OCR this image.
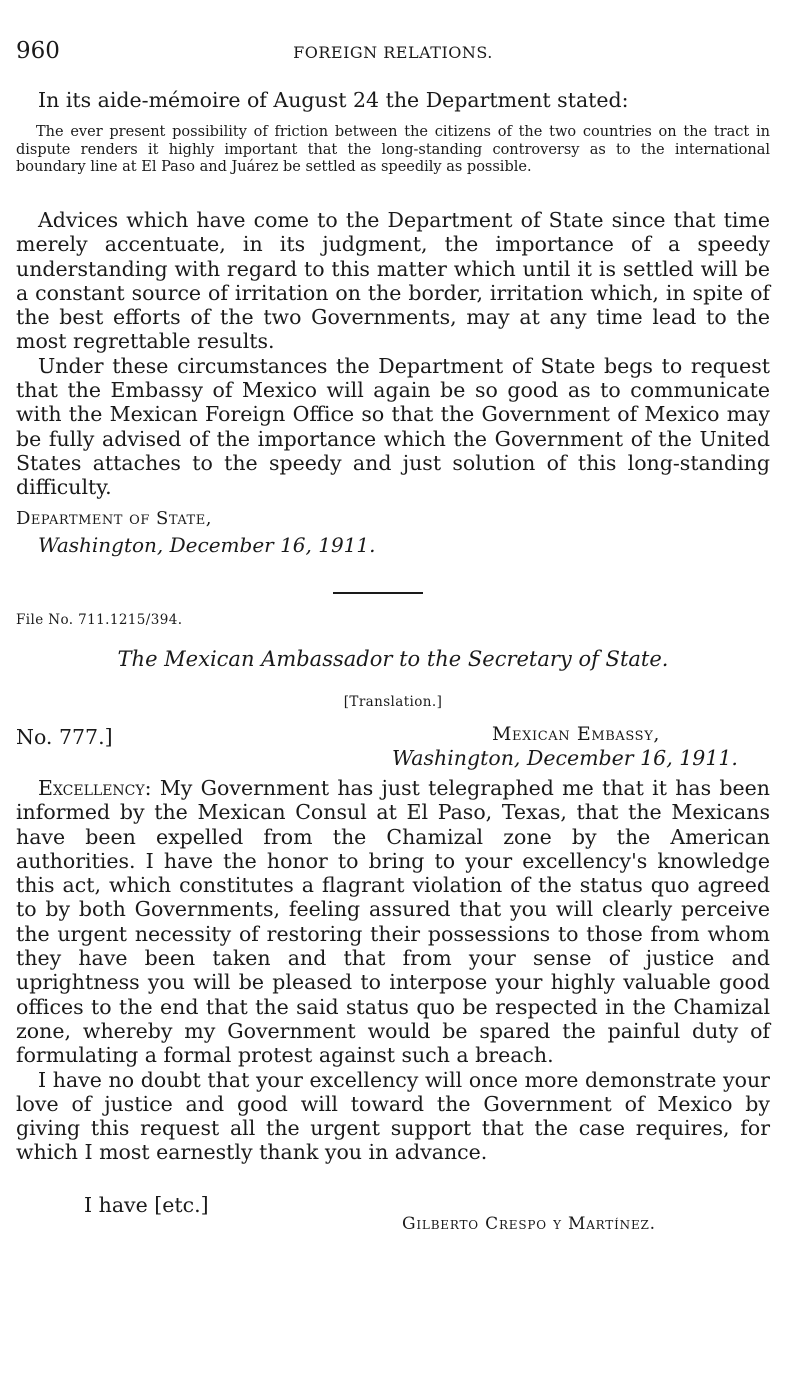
960	FOREIGN RELATIONS.

In its aide-mémoire of August 24 the Department stated:

The ever present possibility of friction between the citizens of the two countries on the tract in dispute renders it highly important that the long-standing controversy as to the international boundary line at El Paso and Juárez be settled as speedily as possible.

Advices which have come to the Department of State since that time merely accentuate, in its judgment, the importance of a speedy understanding with regard to this matter which until it is settled will be a constant source of irritation on the border, irritation which, in spite of the best efforts of the two Governments, may at any time lead to the most regrettable results.

Under these circumstances the Department of State begs to request that the Embassy of Mexico will again be so good as to communicate with the Mexican Foreign Office so that the Government of Mexico may be fully advised of the importance which the Government of the United States attaches to the speedy and just solution of this long-standing difficulty.

Department of State,
Washington, December 16, 1911.
File No. 711.1215/394.
The Mexican Ambassador to the Secretary of State.
[Translation.]
No. 777.]	Mexican Embassy,
Washington, December 16, 1911.

Excellency: My Government has just telegraphed me that it has been informed by the Mexican Consul at El Paso, Texas, that the Mexicans have been expelled from the Chamizal zone by the American authorities. I have the honor to bring to your excellency's knowledge this act, which constitutes a flagrant violation of the status quo agreed to by both Governments, feeling assured that you will clearly perceive the urgent necessity of restoring their possessions to those from whom they have been taken and that from your sense of justice and uprightness you will be pleased to interpose your highly valuable good offices to the end that the said status quo be respected in the Chamizal zone, whereby my Government would be spared the painful duty of formulating a formal protest against such a breach.

I have no doubt that your excellency will once more demonstrate your love of justice and good will toward the Government of Mexico by giving this request all the urgent support that the case requires, for which I most earnestly thank you in advance.

I have [etc.]
Gilberto Crespo y Martínez.
